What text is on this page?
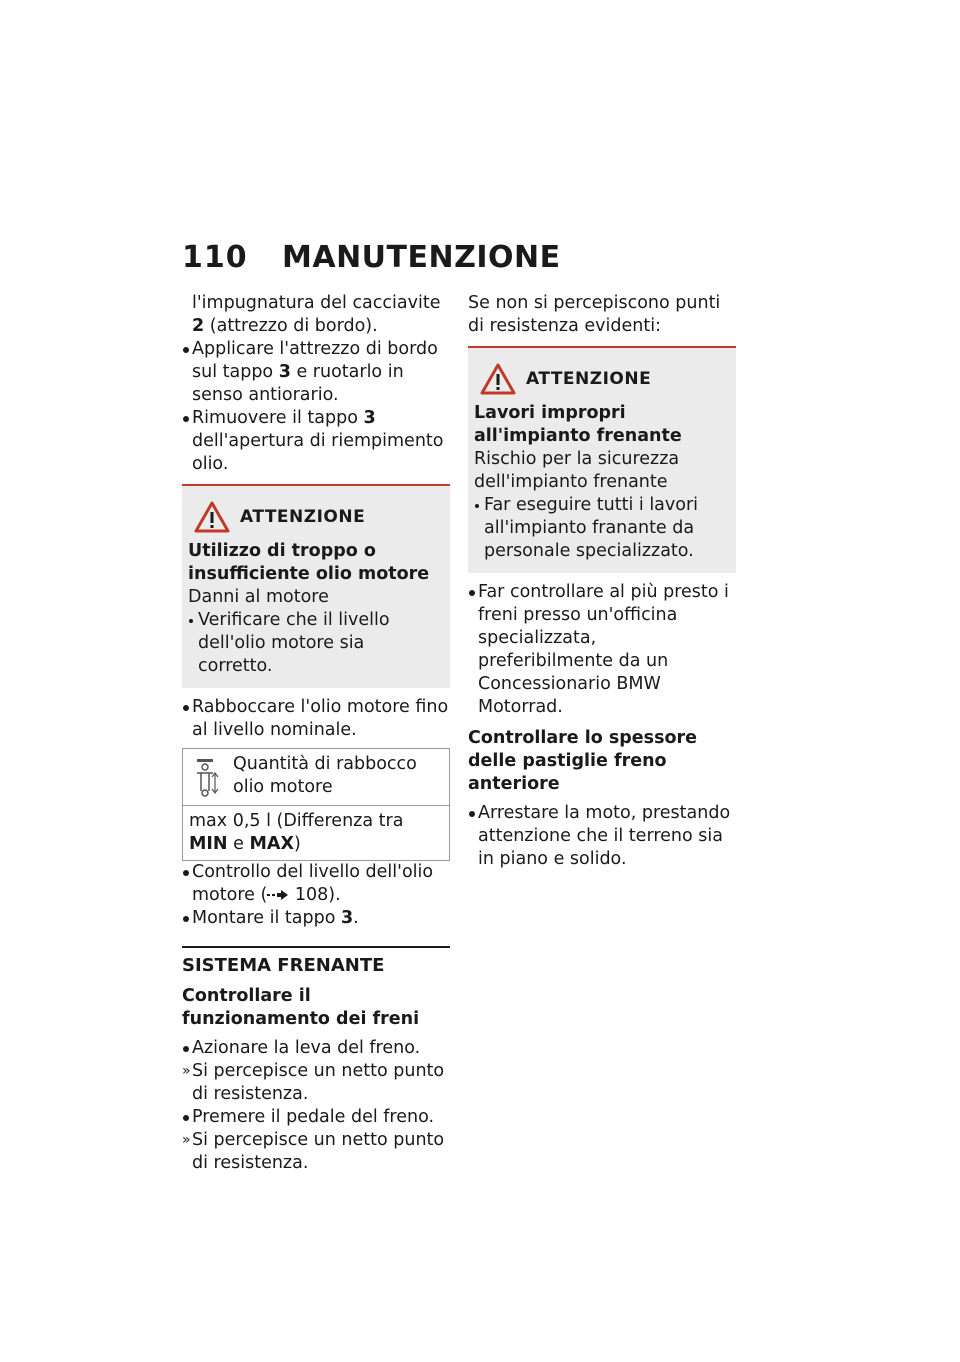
110 MANUTENZIONE

l'impugnatura del cacciavite 2 (attrezzo di bordo).

Applicare l'attrezzo di bordo sul tappo 3 e ruotarlo in senso antiorario.
Rimuovere il tappo 3 dell'apertura di riempimento olio.
ATTENZIONE

Utilizzo di troppo o insufficiente olio motore

Danni al motore

Verificare che il livello dell'olio motore sia corretto.
Rabboccare l'olio motore fino al livello nominale.
Quantità di rabbocco olio motore
max 0,5 l (Differenza tra MIN e MAX)
Controllo del livello dell'olio motore ( 108).
Montare il tappo 3.

SISTEMA FRENANTE

Controllare il funzionamento dei freni

Azionare la leva del freno.
» Si percepisce un netto punto di resistenza.
Premere il pedale del freno.
» Si percepisce un netto punto di resistenza.

Se non si percepiscono punti di resistenza evidenti:

ATTENZIONE

Lavori impropri all'impianto frenante

Rischio per la sicurezza dell'impianto frenante

Far eseguire tutti i lavori all'impianto franante da personale specializzato.
Far controllare al più presto i freni presso un'officina specializzata, preferibilmente da un Concessionario BMW Motorrad.

Controllare lo spessore delle pastiglie freno anteriore

Arrestare la moto, prestando attenzione che il terreno sia in piano e solido.
